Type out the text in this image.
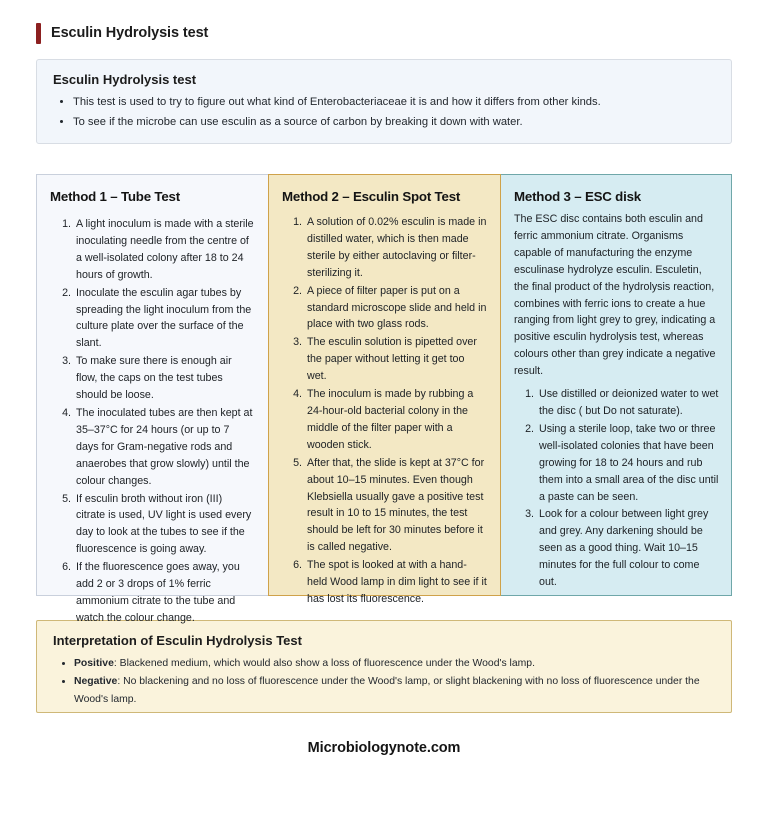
Esculin Hydrolysis test
Esculin Hydrolysis test
• This test is used to try to figure out what kind of Enterobacteriaceae it is and how it differs from other kinds.
• To see if the microbe can use esculin as a source of carbon by breaking it down with water.
Method 1 – Tube Test
1. A light inoculum is made with a sterile inoculating needle from the centre of a well-isolated colony after 18 to 24 hours of growth.
2. Inoculate the esculin agar tubes by spreading the light inoculum from the culture plate over the surface of the slant.
3. To make sure there is enough air flow, the caps on the test tubes should be loose.
4. The inoculated tubes are then kept at 35–37°C for 24 hours (or up to 7 days for Gram-negative rods and anaerobes that grow slowly) until the colour changes.
5. If esculin broth without iron (III) citrate is used, UV light is used every day to look at the tubes to see if the fluorescence is going away.
6. If the fluorescence goes away, you add 2 or 3 drops of 1% ferric ammonium citrate to the tube and watch the colour change.
Method 2 – Esculin Spot Test
1. A solution of 0.02% esculin is made in distilled water, which is then made sterile by either autoclaving or filter-sterilizing it.
2. A piece of filter paper is put on a standard microscope slide and held in place with two glass rods.
3. The esculin solution is pipetted over the paper without letting it get too wet.
4. The inoculum is made by rubbing a 24-hour-old bacterial colony in the middle of the filter paper with a wooden stick.
5. After that, the slide is kept at 37°C for about 10–15 minutes. Even though Klebsiella usually gave a positive test result in 10 to 15 minutes, the test should be left for 30 minutes before it is called negative.
6. The spot is looked at with a hand-held Wood lamp in dim light to see if it has lost its fluorescence.
Method 3 – ESC disk

The ESC disc contains both esculin and ferric ammonium citrate. Organisms capable of manufacturing the enzyme esculinase hydrolyze esculin. Esculetin, the final product of the hydrolysis reaction, combines with ferric ions to create a hue ranging from light grey to grey, indicating a positive esculin hydrolysis test, whereas colours other than grey indicate a negative result.

1. Use distilled or deionized water to wet the disc ( but Do not saturate).
2. Using a sterile loop, take two or three well-isolated colonies that have been growing for 18 to 24 hours and rub them into a small area of the disc until a paste can be seen.
3. Look for a colour between light grey and grey. Any darkening should be seen as a good thing. Wait 10–15 minutes for the full colour to come out.
Interpretation of Esculin Hydrolysis Test
• Positive: Blackened medium, which would also show a loss of fluorescence under the Wood's lamp.
• Negative: No blackening and no loss of fluorescence under the Wood's lamp, or slight blackening with no loss of fluorescence under the Wood's lamp.
Microbiologynote.com
